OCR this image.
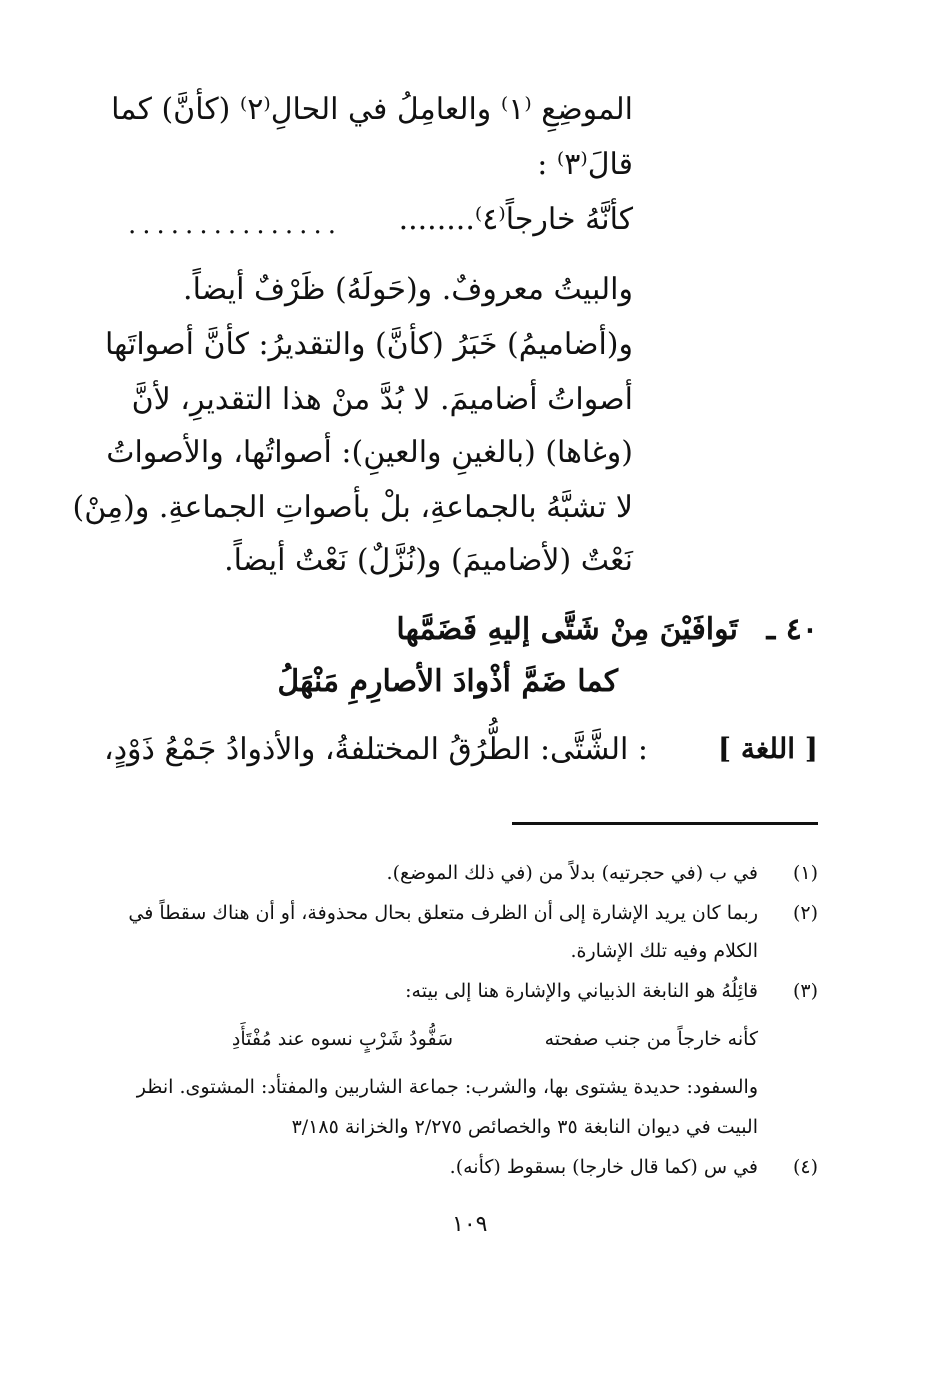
الموضِعِ ⁽١⁾ والعامِلُ في الحالِ⁽٢⁾ (كأنَّ) كما
قالَ⁽٣⁾ :
كأنَّهُ خارجاً⁽٤⁾........
...............
والبيتُ معروفٌ. و(حَولَهُ) ظَرْفٌ أيضاً.
و(أضاميمُ) خَبَرُ (كأنَّ) والتقديرُ: كأنَّ أصواتَها
أصواتُ أضاميمَ. لا بُدَّ منْ هذا التقديرِ، لأنَّ
(وغاها) (بالغينِ والعينِ): أصواتُها، والأصواتُ
لا تشبَّهُ بالجماعةِ، بلْ بأصواتِ الجماعةِ. و(مِنْ)
نَعْتٌ (لأضاميمَ) و(نُزَّلٌ) نَعْتٌ أيضاً.
٤٠ ـ
تَوافَيْنَ مِنْ شَتَّى إليهِ فَضَمَّها
كما ضَمَّ أذْوادَ الأصارِمِ مَنْهَلُ
[ اللغة ]
: الشَّتَّى: الطُّرُقُ المختلفةُ، والأذوادُ جَمْعُ ذَوْدٍ،
(١)
في ب (في حجرتيه) بدلاً من (في ذلك الموضع).
(٢)
ربما كان يريد الإشارة إلى أن الظرف متعلق بحال محذوفة، أو أن هناك سقطاً في
الكلام وفيه تلك الإشارة.
(٣)
قائِلُهُ هو النابغة الذبياني والإشارة هنا إلى بيته:
كأنه خارجاً من جنب صفحته
سَفُّودُ شَرْبٍ نسوه عند مُفْتَأَدِ
والسفود: حديدة يشتوى بها، والشرب: جماعة الشاربين والمفتأد: المشتوى. انظر
البيت في ديوان النابغة ٣٥ والخصائص ٢/٢٧٥ والخزانة ٣/١٨٥
(٤)
في س (كما قال خارجا) بسقوط (كأنه).
١٠٩
